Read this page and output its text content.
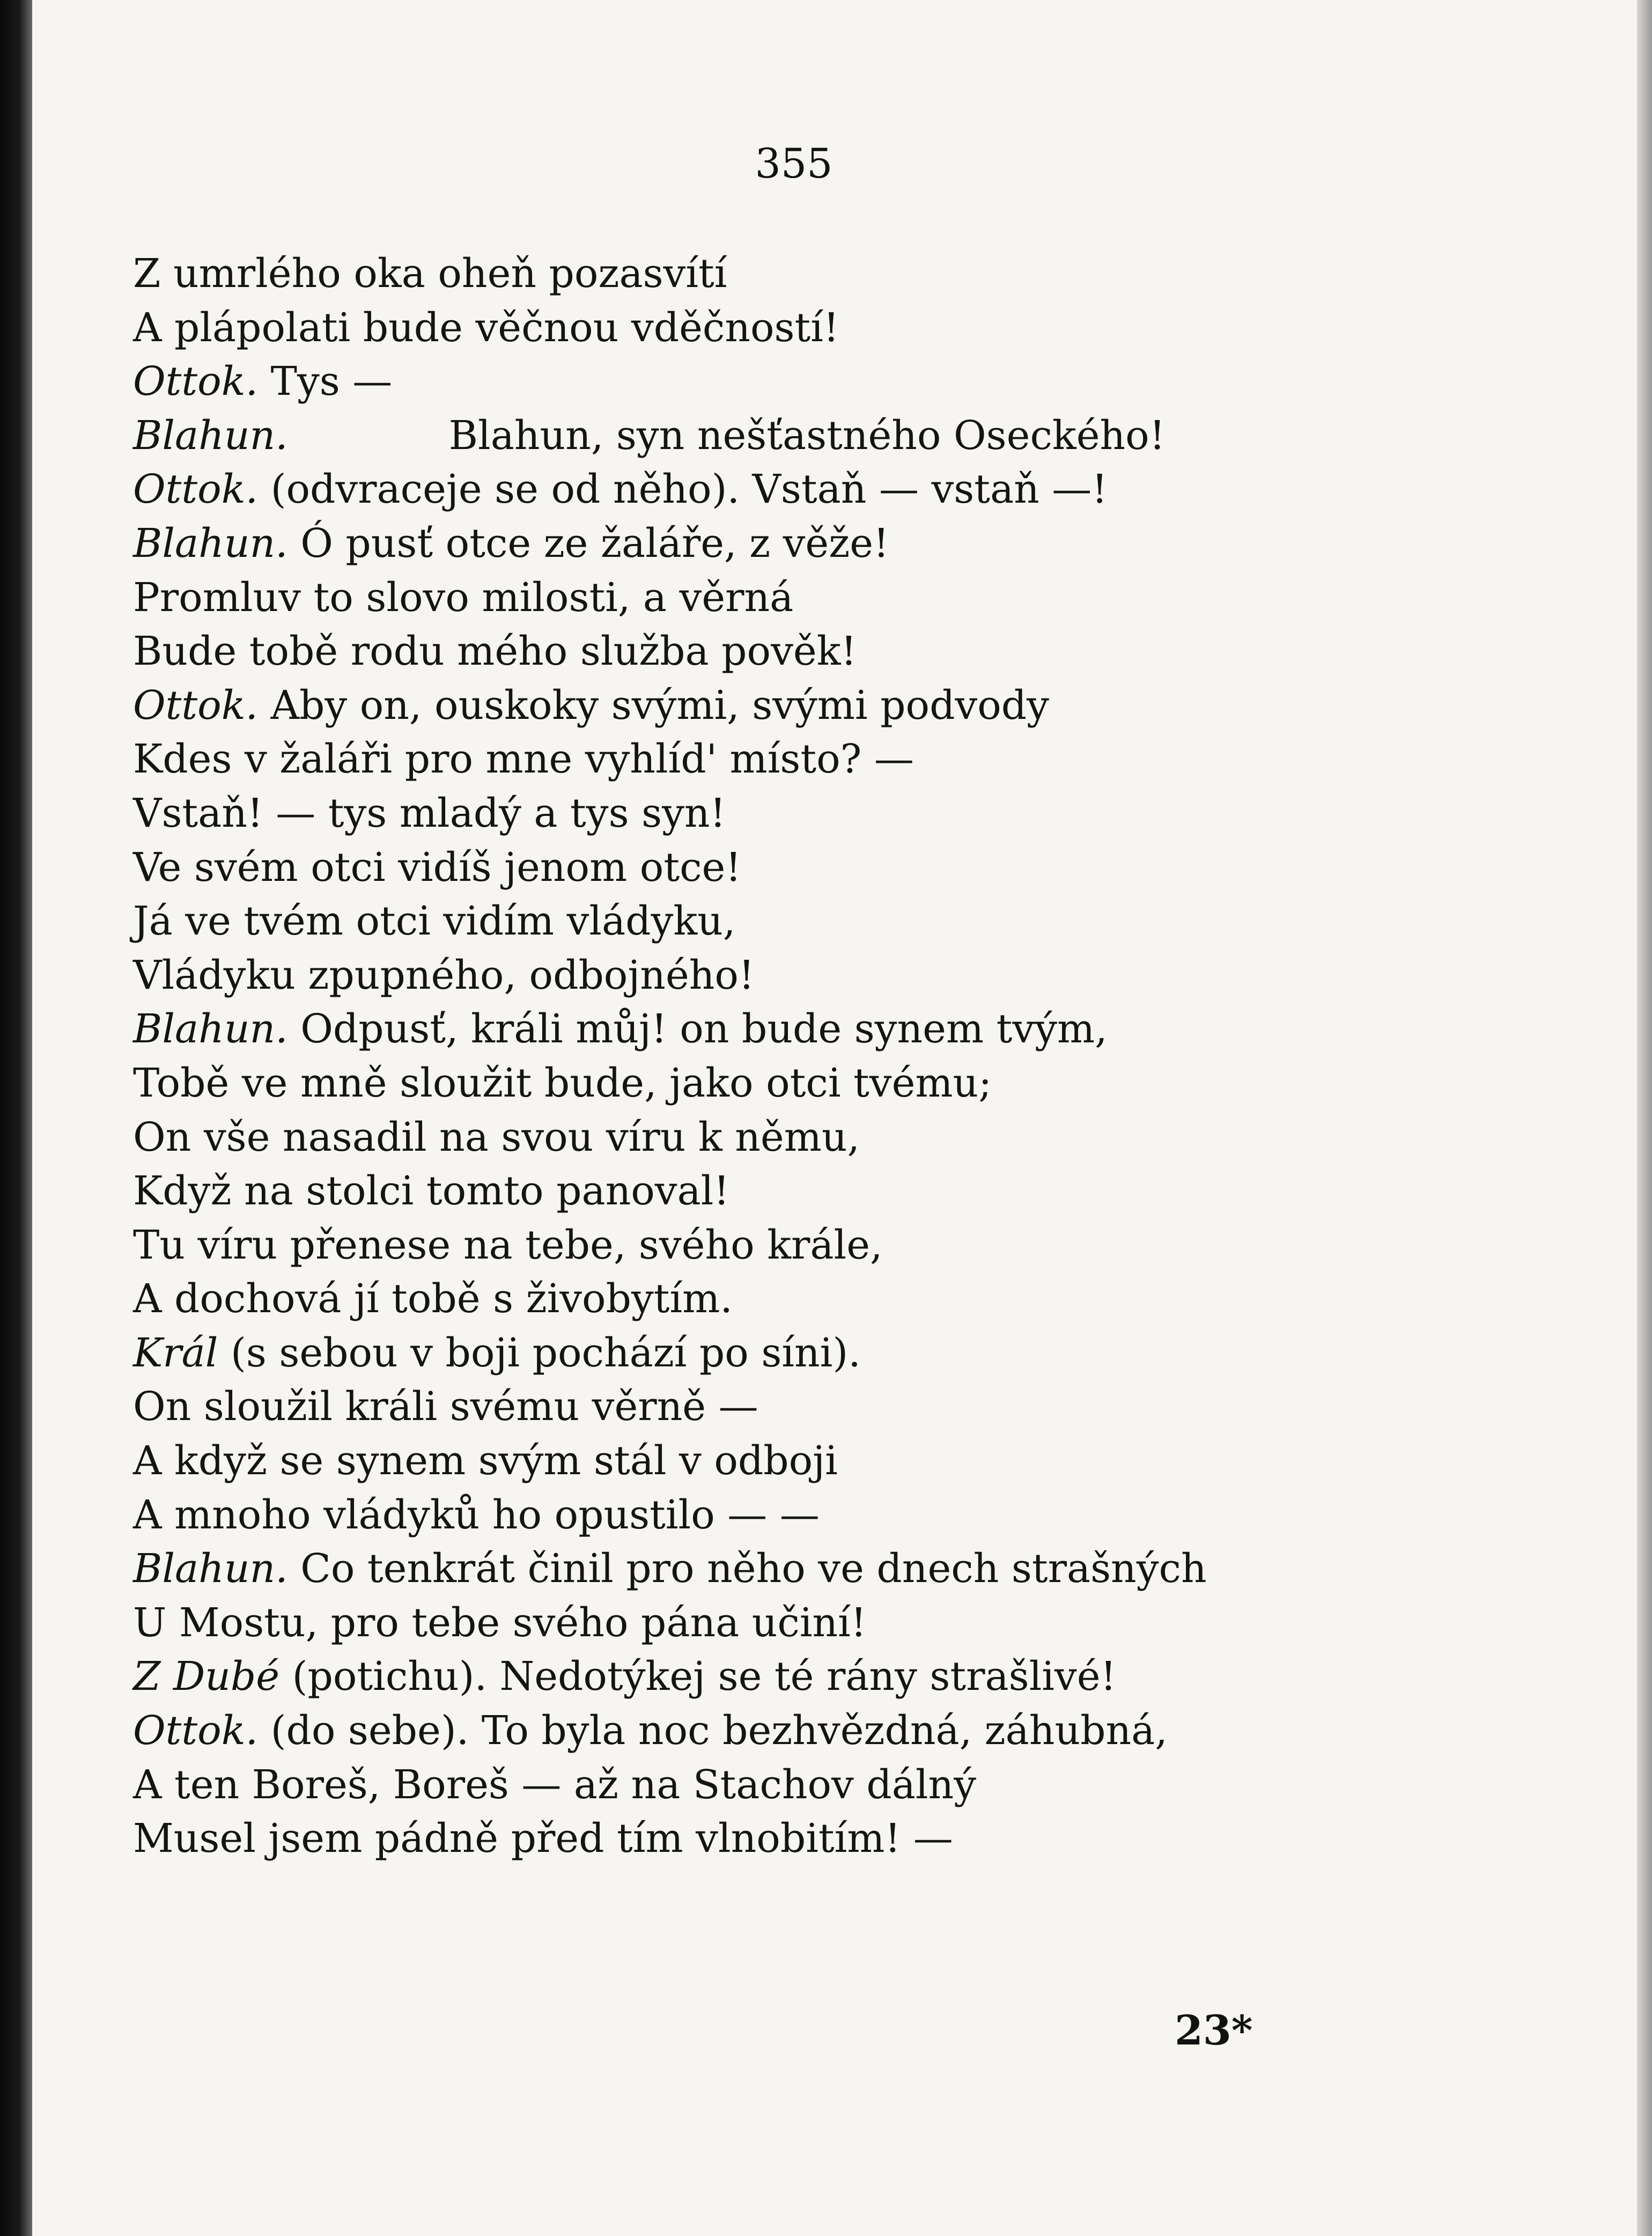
355
Z umrlého oka oheň pozasvítí
A plápolati bude věčnou vděčností!
Ottok. Tys —
Blahun.	Blahun, syn nešťastného Oseckého!
Ottok. (odvraceje se od něho). Vstaň — vstaň —!
Blahun. Ó pusť otce ze žaláře, z věže!
Promluv to slovo milosti, a věrná
Bude tobě rodu mého služba pověk!
Ottok. Aby on, ouskoky svými, svými podvody
Kdes v žaláři pro mne vyhlíd' místo? —
Vstaň! — tys mladý a tys syn!
Ve svém otci vidíš jenom otce!
Já ve tvém otci vidím vládyku,
Vládyku zpupného, odbojného!
Blahun. Odpusť, králi můj! on bude synem tvým,
Tobě ve mně sloužit bude, jako otci tvému;
On vše nasadil na svou víru k němu,
Když na stolci tomto panoval!
Tu víru přenese na tebe, svého krále,
A dochová jí tobě s živobytím.
Král (s sebou v boji pochází po síni).
On sloužil králi svému věrně —
A když se synem svým stál v odboji
A mnoho vládyků ho opustilo — —
Blahun. Co tenkrát činil pro něho ve dnech strašných
U Mostu, pro tebe svého pána učiní!
Z Dubé (potichu). Nedotýkej se té rány strašlivé!
Ottok. (do sebe). To byla noc bezhvězdná, záhubná,
A ten Boreš, Boreš — až na Stachov dálný
Musel jsem pádně před tím vlnobitím! —
23*
